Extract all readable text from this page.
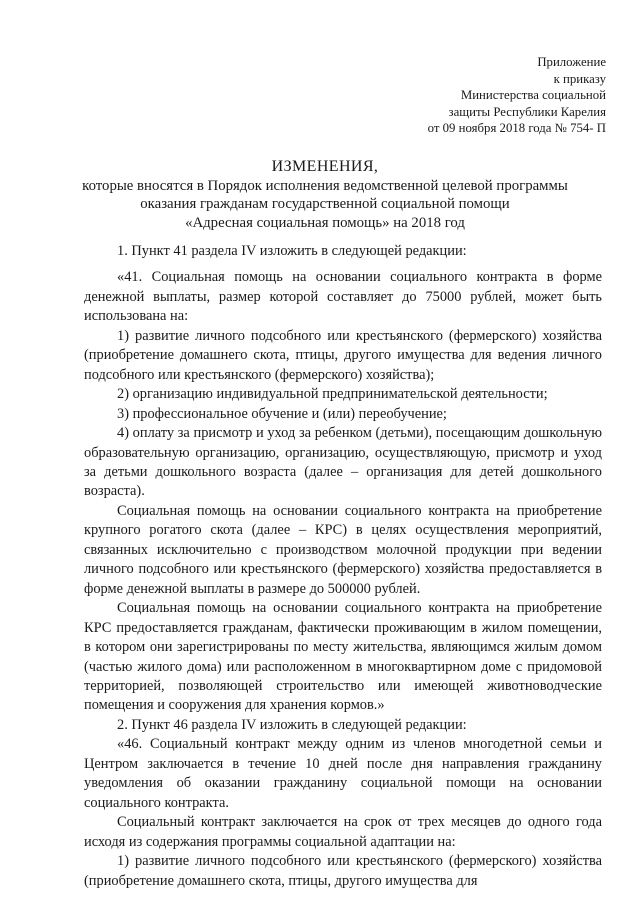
Приложение
к приказу
Министерства социальной
защиты Республики Карелия
от 09 ноября 2018 года № 754- П
ИЗМЕНЕНИЯ,
которые вносятся в Порядок исполнения ведомственной целевой программы
оказания гражданам государственной социальной помощи
«Адресная социальная помощь» на 2018 год

1. Пункт 41 раздела IV изложить в следующей редакции:

«41. Социальная помощь на основании социального контракта в форме денежной выплаты, размер которой составляет до 75000 рублей, может быть использована на:

1) развитие личного подсобного или крестьянского (фермерского) хозяйства (приобретение домашнего скота, птицы, другого имущества для ведения личного подсобного или крестьянского (фермерского) хозяйства);

2) организацию индивидуальной предпринимательской деятельности;

3) профессиональное обучение и (или) переобучение;

4) оплату за присмотр и уход за ребенком (детьми), посещающим дошкольную образовательную организацию, организацию, осуществляющую, присмотр и уход за детьми дошкольного возраста (далее – организация для детей дошкольного возраста).

Социальная помощь на основании социального контракта на приобретение крупного рогатого скота (далее – КРС) в целях осуществления мероприятий, связанных исключительно с производством молочной продукции при ведении личного подсобного или крестьянского (фермерского) хозяйства предоставляется в форме денежной выплаты в размере до 500000 рублей.

Социальная помощь на основании социального контракта на приобретение КРС предоставляется гражданам, фактически проживающим в жилом помещении, в котором они зарегистрированы по месту жительства, являющимся жилым домом (частью жилого дома) или расположенном в многоквартирном доме с придомовой территорией, позволяющей строительство или имеющей животноводческие помещения и сооружения для хранения кормов.»

2. Пункт 46 раздела IV изложить в следующей редакции:

«46. Социальный контракт между одним из членов многодетной семьи и Центром заключается в течение 10 дней после дня направления гражданину уведомления об оказании гражданину социальной помощи на основании социального контракта.

Социальный контракт заключается на срок от трех месяцев до одного года исходя из содержания программы социальной адаптации на:

1) развитие личного подсобного или крестьянского (фермерского) хозяйства (приобретение домашнего скота, птицы, другого имущества для
